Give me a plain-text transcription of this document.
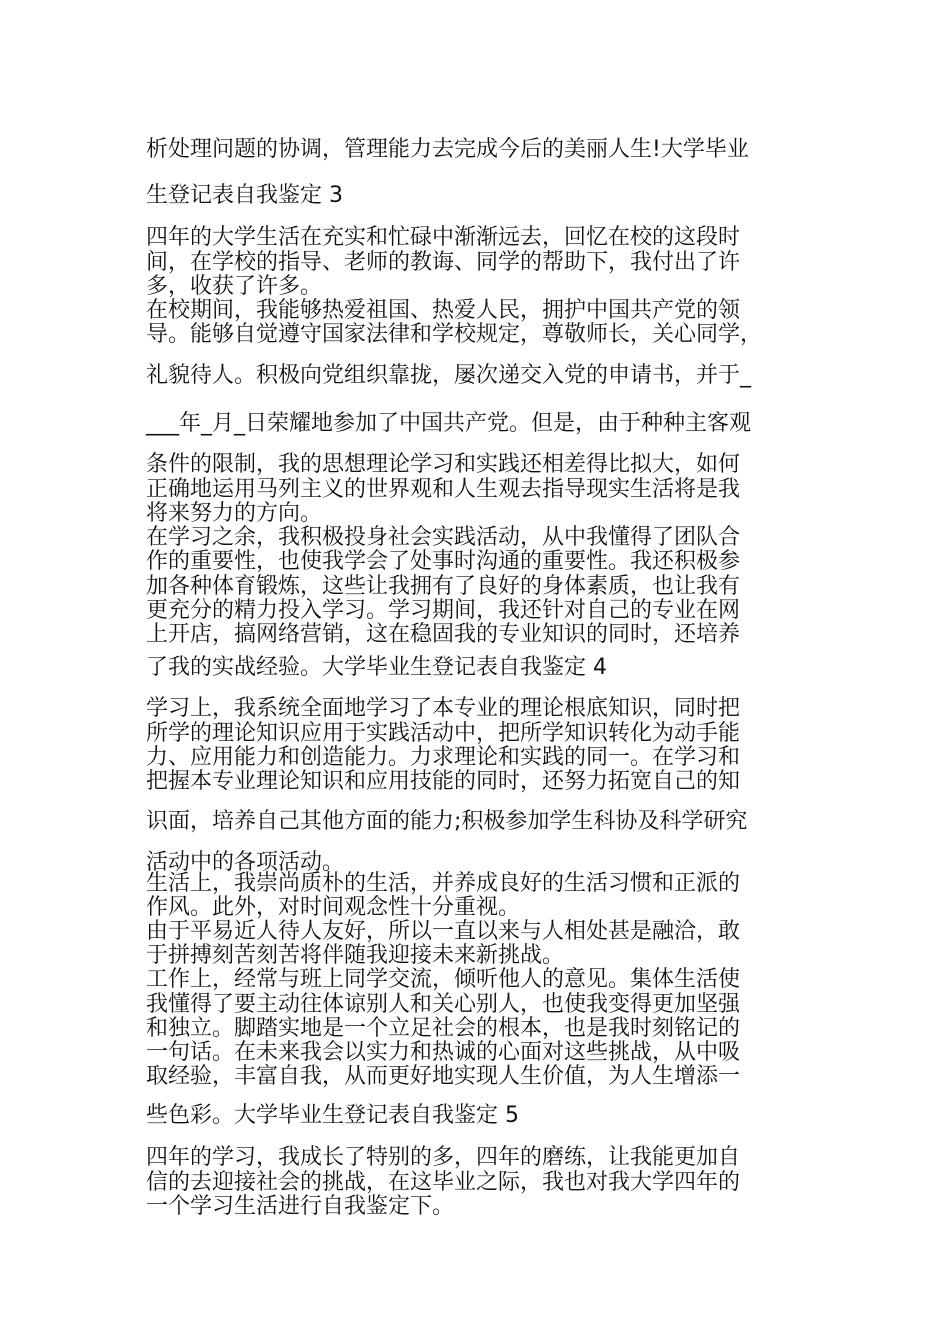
析处理问题的协调，管理能力去完成今后的美丽人生!大学毕业

生登记表自我鉴定 3

四年的大学生活在充实和忙碌中渐渐远去，回忆在校的这段时

间，在学校的指导、老师的教诲、同学的帮助下，我付出了许

多，收获了许多。

在校期间，我能够热爱祖国、热爱人民，拥护中国共产党的领

导。能够自觉遵守国家法律和学校规定，尊敬师长，关心同学，

礼貌待人。积极向党组织靠拢，屡次递交入党的申请书，并于_

___年_月_日荣耀地参加了中国共产党。但是，由于种种主客观

条件的限制，我的思想理论学习和实践还相差得比拟大，如何

正确地运用马列主义的世界观和人生观去指导现实生活将是我

将来努力的方向。

在学习之余，我积极投身社会实践活动，从中我懂得了团队合

作的重要性，也使我学会了处事时沟通的重要性。我还积极参

加各种体育锻炼，这些让我拥有了良好的身体素质，也让我有

更充分的精力投入学习。学习期间，我还针对自己的专业在网

上开店，搞网络营销，这在稳固我的专业知识的同时，还培养

了我的实战经验。大学毕业生登记表自我鉴定 4

学习上，我系统全面地学习了本专业的理论根底知识，同时把

所学的理论知识应用于实践活动中，把所学知识转化为动手能

力、应用能力和创造能力。力求理论和实践的同一。在学习和

把握本专业理论知识和应用技能的同时，还努力拓宽自己的知

识面，培养自己其他方面的能力;积极参加学生科协及科学研究

活动中的各项活动。

生活上，我崇尚质朴的生活，并养成良好的生活习惯和正派的

作风。此外，对时间观念性十分重视。

由于平易近人待人友好，所以一直以来与人相处甚是融洽，敢

于拼搏刻苦刻苦将伴随我迎接未来新挑战。

工作上，经常与班上同学交流，倾听他人的意见。集体生活使

我懂得了要主动往体谅别人和关心别人，也使我变得更加坚强

和独立。脚踏实地是一个立足社会的根本，也是我时刻铭记的

一句话。在未来我会以实力和热诚的心面对这些挑战，从中吸

取经验，丰富自我，从而更好地实现人生价值，为人生增添一

些色彩。大学毕业生登记表自我鉴定 5

四年的学习，我成长了特别的多，四年的磨练，让我能更加自

信的去迎接社会的挑战，在这毕业之际，我也对我大学四年的

一个学习生活进行自我鉴定下。
